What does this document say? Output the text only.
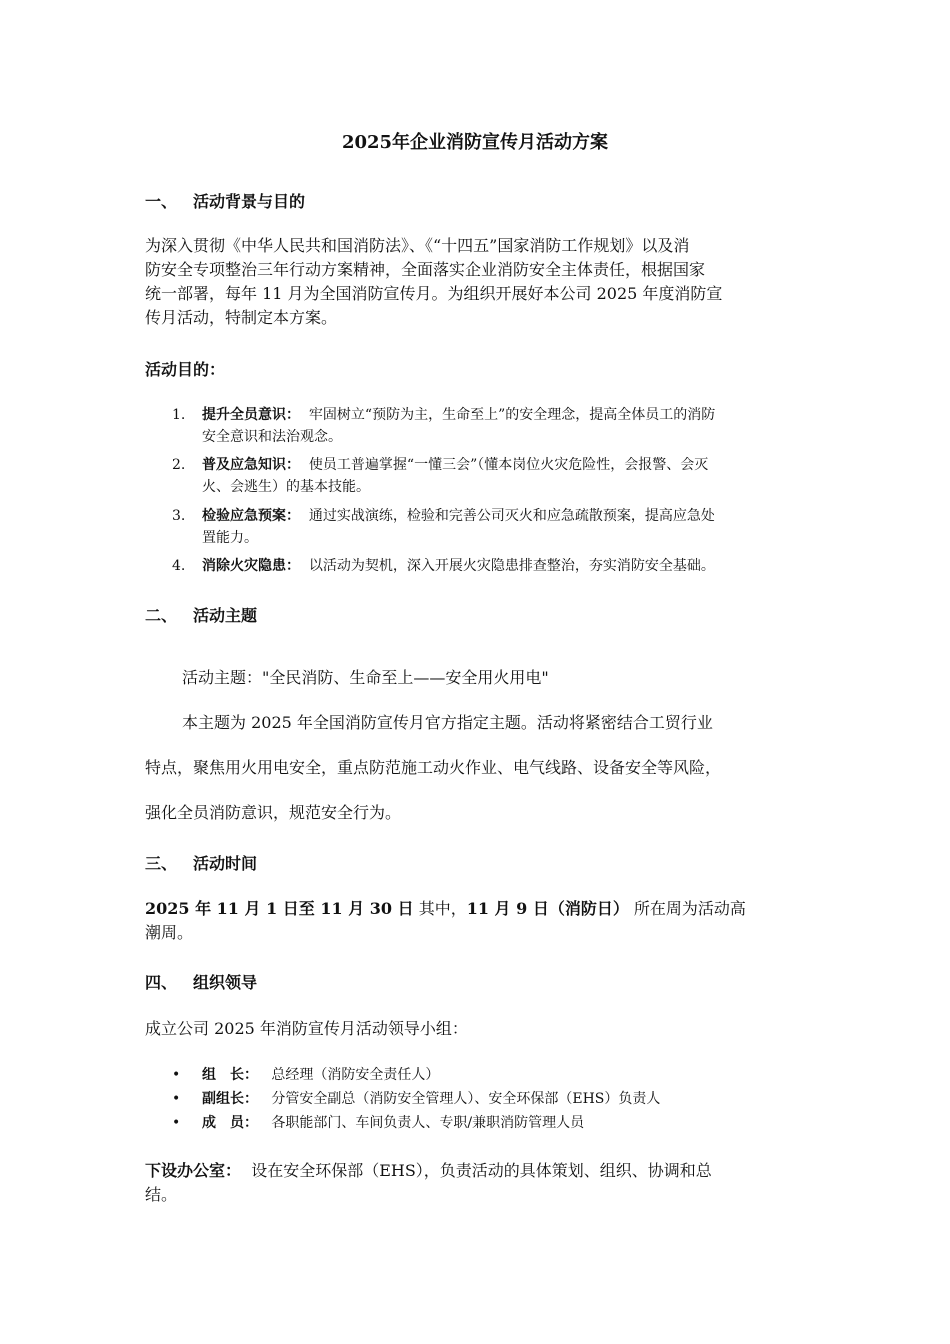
2025年企业消防宣传月活动方案
一、 活动背景与目的
为深入贯彻《中华人民共和国消防法》、《“十四五”国家消防工作规划》以及消
防安全专项整治三年行动方案精神，全面落实企业消防安全主体责任，根据国家
统一部署，每年 11 月为全国消防宣传月。为组织开展好本公司 2025 年度消防宣
传月活动，特制定本方案。
活动目的：
1. 提升全员意识： 牢固树立“预防为主，生命至上”的安全理念，提高全体员工的消防
安全意识和法治观念。
2. 普及应急知识： 使员工普遍掌握“一懂三会”（懂本岗位火灾危险性，会报警、会灭
火、会逃生）的基本技能。
3. 检验应急预案： 通过实战演练，检验和完善公司灭火和应急疏散预案，提高应急处
置能力。
4. 消除火灾隐患： 以活动为契机，深入开展火灾隐患排查整治，夯实消防安全基础。
二、 活动主题
活动主题："全民消防、生命至上——安全用火用电"
本主题为 2025 年全国消防宣传月官方指定主题。活动将紧密结合工贸行业
特点，聚焦用火用电安全，重点防范施工动火作业、电气线路、设备安全等风险，
强化全员消防意识，规范安全行为。
三、 活动时间
2025 年 11 月 1 日至 11 月 30 日 其中，11 月 9 日（消防日） 所在周为活动高
潮周。
四、 组织领导
成立公司 2025 年消防宣传月活动领导小组：
• 组　长： 总经理（消防安全责任人）
• 副组长： 分管安全副总（消防安全管理人）、安全环保部（EHS）负责人
• 成　员： 各职能部门、车间负责人、专职/兼职消防管理人员
下设办公室： 设在安全环保部（EHS），负责活动的具体策划、组织、协调和总
结。
